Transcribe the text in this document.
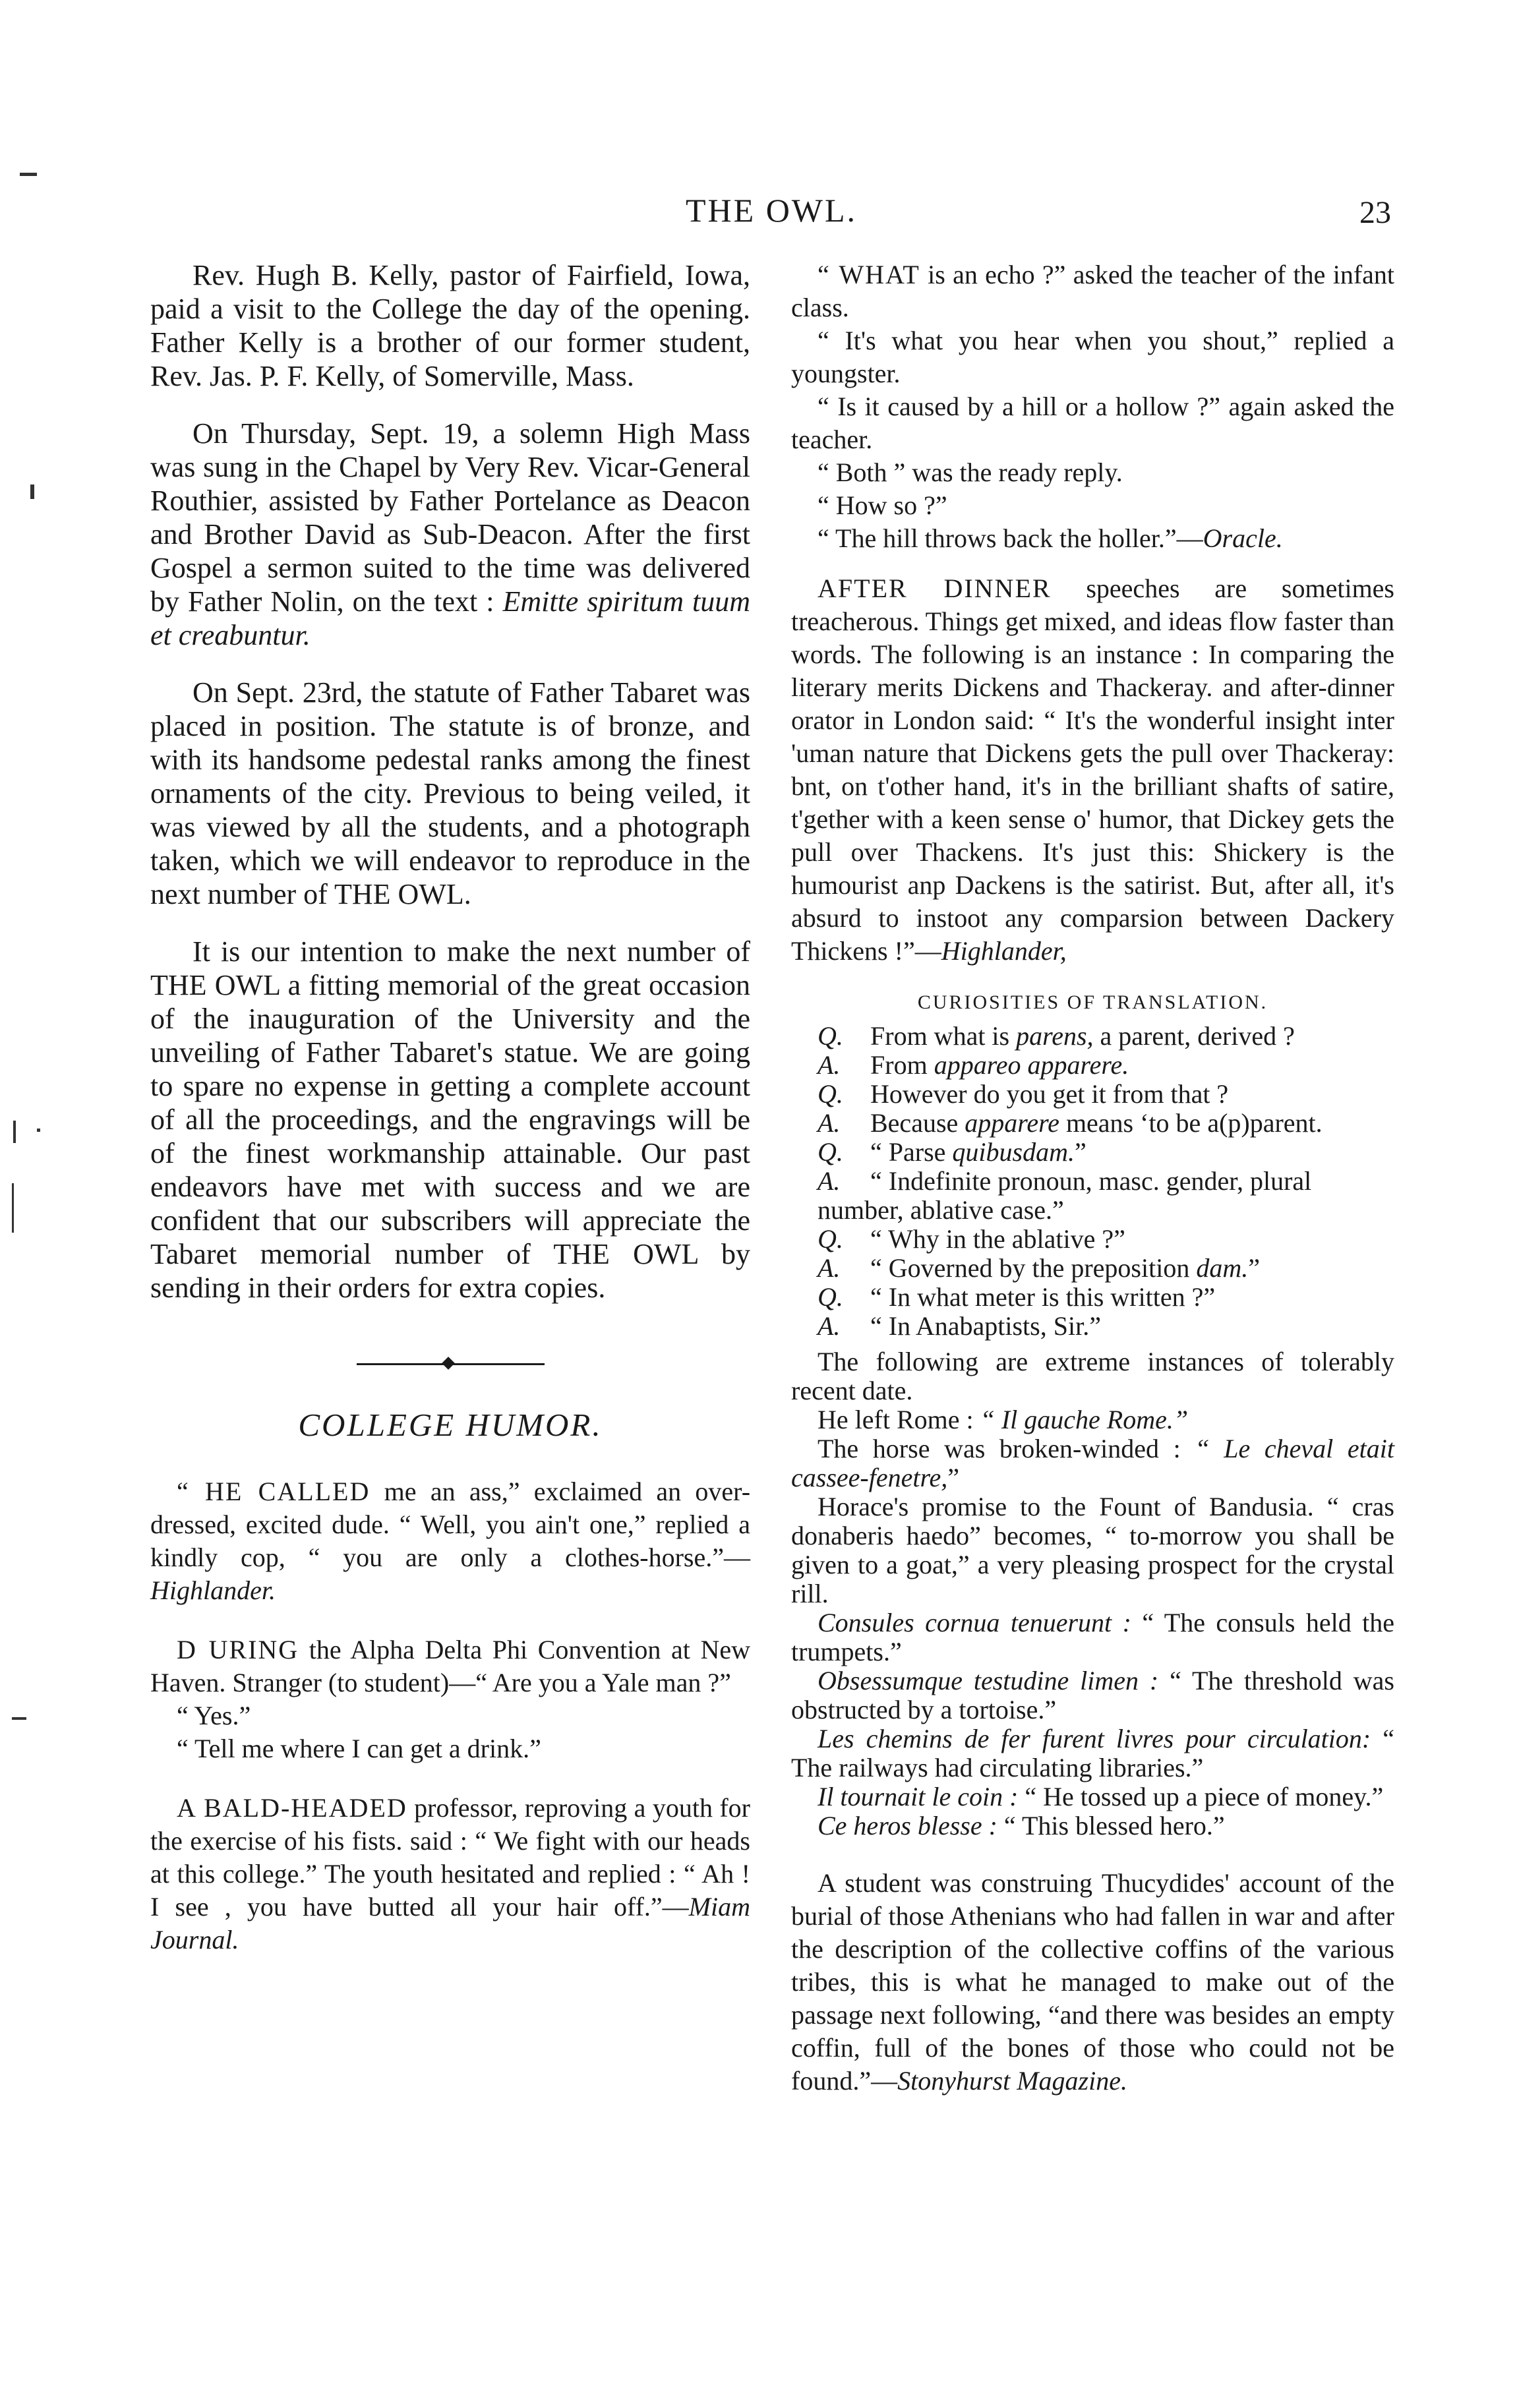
THE OWL.	23

Rev. Hugh B. Kelly, pastor of Fairfield, Iowa, paid a visit to the College the day of the opening. Father Kelly is a brother of our former student, Rev. Jas. P. F. Kelly, of Somerville, Mass.

On Thursday, Sept. 19, a solemn High Mass was sung in the Chapel by Very Rev. Vicar-General Routhier, assisted by Father Portelance as Deacon and Brother David as Sub-Deacon. After the first Gospel a sermon suited to the time was delivered by Father Nolin, on the text : Emitte spiritum tuum et creabuntur.

On Sept. 23rd, the statute of Father Tabaret was placed in position. The statute is of bronze, and with its handsome pedestal ranks among the finest ornaments of the city. Previous to being veiled, it was viewed by all the students, and a photograph taken, which we will endeavor to reproduce in the next number of THE OWL.

It is our intention to make the next number of THE OWL a fitting memorial of the great occasion of the inauguration of the University and the unveiling of Father Tabaret's statue. We are going to spare no expense in getting a complete account of all the proceedings, and the engravings will be of the finest workmanship attainable. Our past endeavors have met with success and we are confident that our subscribers will appreciate the Tabaret memorial number of THE OWL by sending in their orders for extra copies.

COLLEGE HUMOR.

“ HE CALLED me an ass,” exclaimed an over-dressed, excited dude. “ Well, you ain't one,” replied a kindly cop, “ you are only a clothes-horse.”—Highlander.

D URING the Alpha Delta Phi Convention at New Haven. Stranger (to student)—“ Are you a Yale man ?”

“ Yes.”

“ Tell me where I can get a drink.”

A BALD-HEADED professor, reproving a youth for the exercise of his fists. said : “ We fight with our heads at this college.” The youth hesitated and replied : “ Ah ! I see , you have butted all your hair off.”—Miam Journal.

“ WHAT is an echo ?” asked the teacher of the infant class.

“ It's what you hear when you shout,” replied a youngster.

“ Is it caused by a hill or a hollow ?” again asked the teacher.

“ Both ” was the ready reply.

“ How so ?”

“ The hill throws back the holler.”—Oracle.

AFTER DINNER speeches are sometimes treacherous. Things get mixed, and ideas flow faster than words. The following is an instance : In comparing the literary merits Dickens and Thackeray. and after-dinner orator in London said: “ It's the wonderful insight inter 'uman nature that Dickens gets the pull over Thackeray: bnt, on t'other hand, it's in the brilliant shafts of satire, t'gether with a keen sense o' humor, that Dickey gets the pull over Thackens. It's just this: Shickery is the humourist anp Dackens is the satirist. But, after all, it's absurd to instoot any comparsion between Dackery Thickens !”—Highlander,

CURIOSITIES OF TRANSLATION.

Q. From what is parens, a parent, derived ?

A. From appareo apparere.

Q. However do you get it from that ?

A. Because apparere means ‘to be a(p)parent.

Q. “ Parse quibusdam.”

A. “ Indefinite pronoun, masc. gender, plural number, ablative case.”

Q. “ Why in the ablative ?”

A. “ Governed by the preposition dam.”

Q. “ In what meter is this written ?”

A. “ In Anabaptists, Sir.”

The following are extreme instances of tolerably recent date.

He left Rome : “ Il gauche Rome.”

The horse was broken-winded : “ Le cheval etait cassee-fenetre,”

Horace's promise to the Fount of Bandusia. “ cras donaberis haedo” becomes, “ to-morrow you shall be given to a goat,” a very pleasing prospect for the crystal rill.

Consules cornua tenuerunt : “ The consuls held the trumpets.”

Obsessumque testudine limen : “ The threshold was obstructed by a tortoise.”

Les chemins de fer furent livres pour circulation: “ The railways had circulating libraries.”

Il tournait le coin : “ He tossed up a piece of money.”

Ce heros blesse : “ This blessed hero.”

A student was construing Thucydides' account of the burial of those Athenians who had fallen in war and after the description of the collective coffins of the various tribes, this is what he managed to make out of the passage next following, “and there was besides an empty coffin, full of the bones of those who could not be found.”—Stonyhurst Magazine.
